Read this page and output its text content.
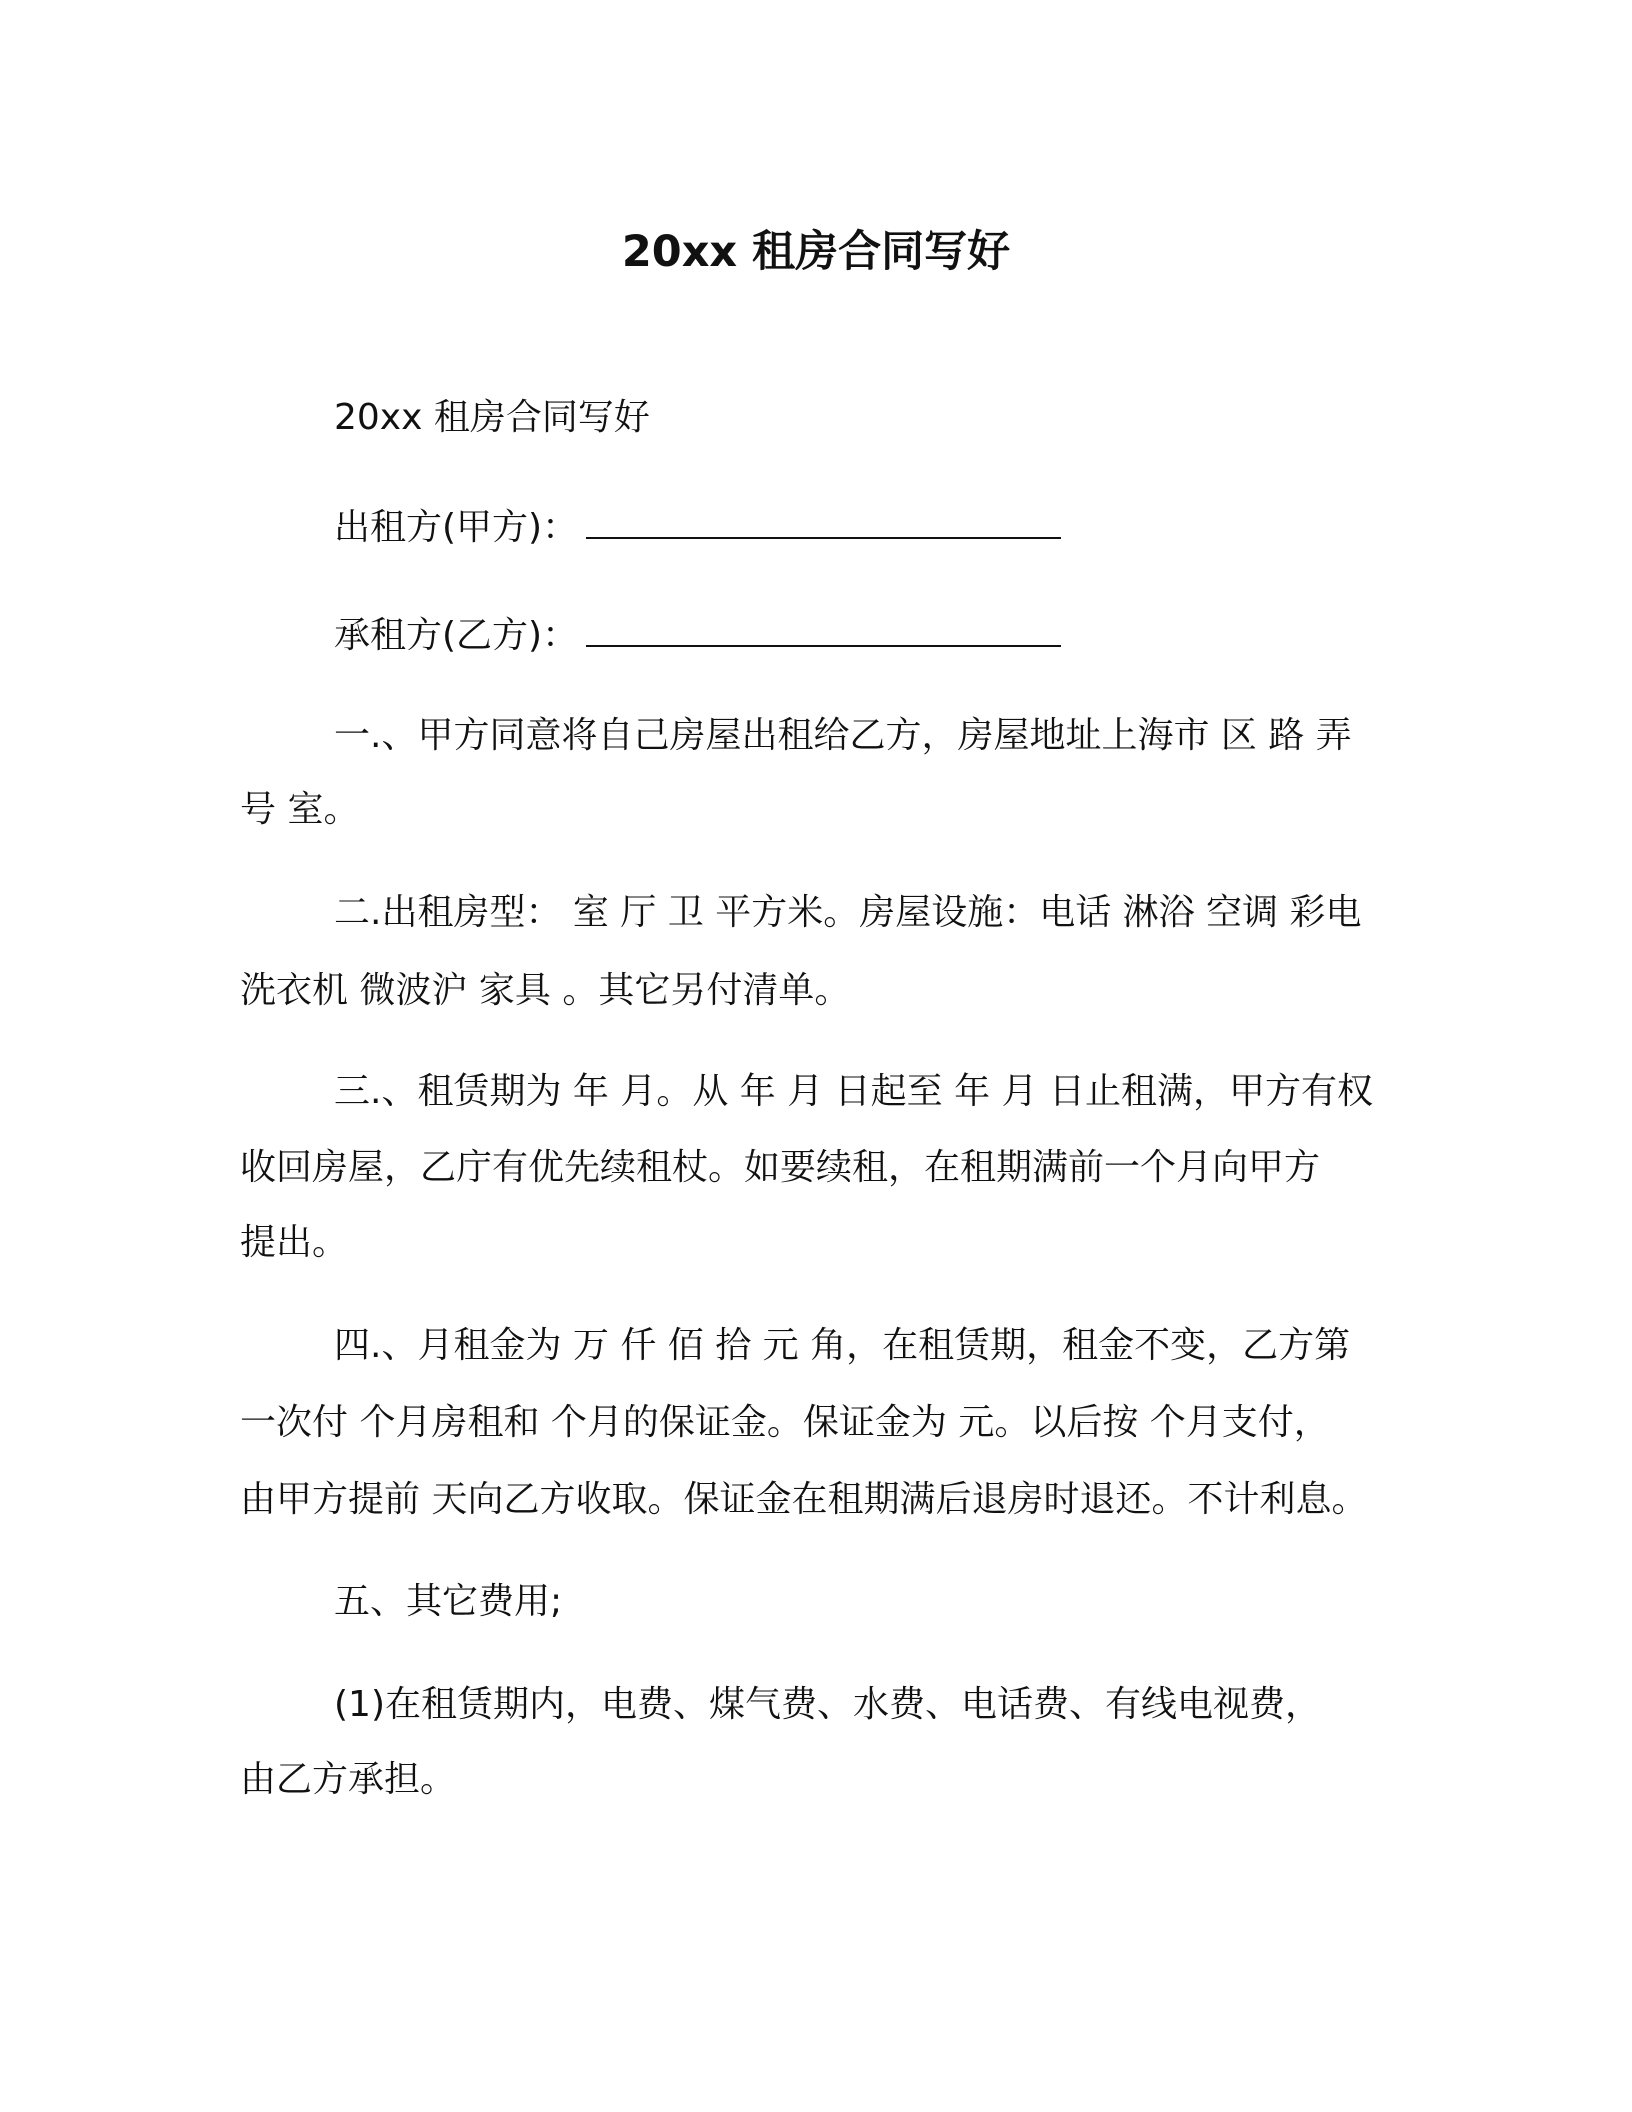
20xx 租房合同写好
20xx 租房合同写好
出租方(甲方)：
承租方(乙方)：
一.、甲方同意将自己房屋出租给乙方，房屋地址上海市 区 路 弄
号 室。
二.出租房型： 室 厅 卫 平方米。房屋设施：电话 淋浴 空调 彩电
洗衣机 微波沪 家具 。其它另付清单。
三.、租赁期为 年 月。从 年 月 日起至 年 月 日止租满，甲方有权
收回房屋，乙庁有优先续租杖。如要续租，在租期满前一个月向甲方
提出。
四.、月租金为 万 仟 佰 拾 元 角，在租赁期，租金不变，乙方第
一次付 个月房租和 个月的保证金。保证金为 元。以后按 个月支付，
由甲方提前 天向乙方收取。保证金在租期满后退房时退还。不计利息。
五、其它费用;
(1)在租赁期内，电费、煤气费、水费、电话费、有线电视费，
由乙方承担。
